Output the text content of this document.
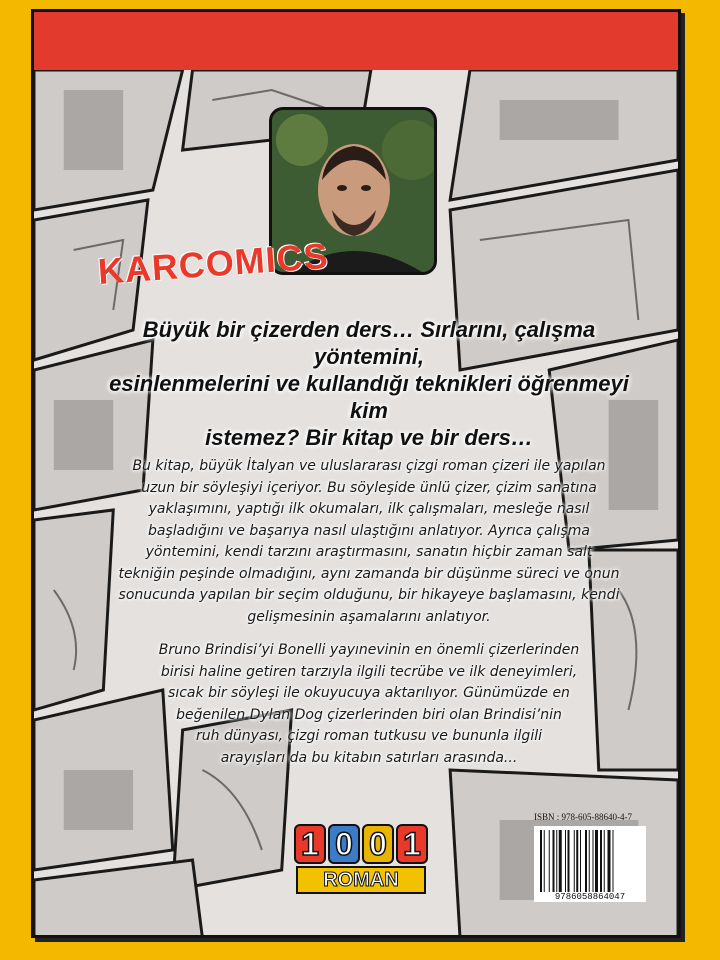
KARCOMICS
Büyük bir çizerden ders… Sırlarını, çalışma yöntemini,
esinlenmelerini ve kullandığı teknikleri öğrenmeyi kim
istemez? Bir kitap ve bir ders…
Bu kitap, büyük İtalyan ve uluslararası çizgi roman çizeri ile yapılan
uzun bir söyleşiyi içeriyor. Bu söyleşide ünlü çizer, çizim sanatına
yaklaşımını, yaptığı ilk okumaları, ilk çalışmaları, mesleğe nasıl
başladığını ve başarıya nasıl ulaştığını anlatıyor. Ayrıca çalışma
yöntemini, kendi tarzını araştırmasını, sanatın hiçbir zaman salt
tekniğin peşinde olmadığını, aynı zamanda bir düşünme süreci ve onun
sonucunda yapılan bir seçim olduğunu, bir hikayeye başlamasını, kendi
gelişmesinin aşamalarını anlatıyor.
Bruno Brindisi’yi Bonelli yayınevinin en önemli çizerlerinden
birisi haline getiren tarzıyla ilgili tecrübe ve ilk deneyimleri,
sıcak bir söyleşi ile okuyucuya aktarılıyor. Günümüzde en
beğenilen Dylan Dog çizerlerinden biri olan Brindisi’nin
ruh dünyası, çizgi roman tutkusu ve bununla ilgili
arayışları da bu kitabın satırları arasında...
1 0 0 1
ROMAN
ISBN : 978-605-88640-4-7
9786058864047
